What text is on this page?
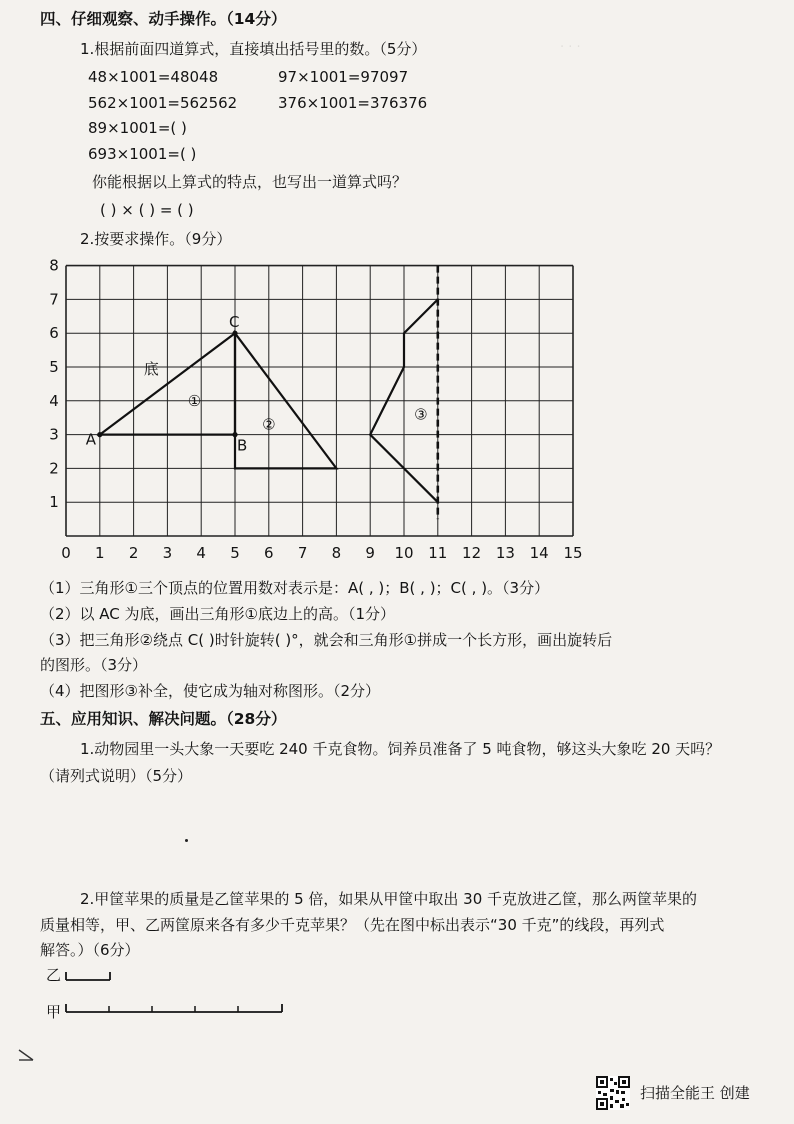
· · ·
四、仔细观察、动手操作。（14分）
1.根据前面四道算式，直接填出括号里的数。（5分）
48×1001=48048	97×1001=97097
562×1001=562562	376×1001=376376
89×1001=( )
693×1001=( )
你能根据以上算式的特点，也写出一道算式吗？
( ) × ( ) = ( )
2.按要求操作。（9分）
0 1 2 3 4 5 6 7 8 9 10 11 12 13 14 15
1
2
3
4
5
6
7
8
A	B
C
底
①
②
③
（1）三角形①三个顶点的位置用数对表示是：A( , )；B( , )；C( , )。（3分）
（2）以 AC 为底，画出三角形①底边上的高。（1分）
（3）把三角形②绕点 C( )时针旋转( )°，就会和三角形①拼成一个长方形，画出旋转后
的图形。（3分）
（4）把图形③补全，使它成为轴对称图形。（2分）
五、应用知识、解决问题。（28分）
1.动物园里一头大象一天要吃 240 千克食物。饲养员准备了 5 吨食物，够这头大象吃 20 天吗？
（请列式说明）（5分）
2.甲筐苹果的质量是乙筐苹果的 5 倍，如果从甲筐中取出 30 千克放进乙筐，那么两筐苹果的
质量相等，甲、乙两筐原来各有多少千克苹果？（先在图中标出表示“30 千克”的线段，再列式
解答。）（6分）
乙
甲
扫描全能王 创建
